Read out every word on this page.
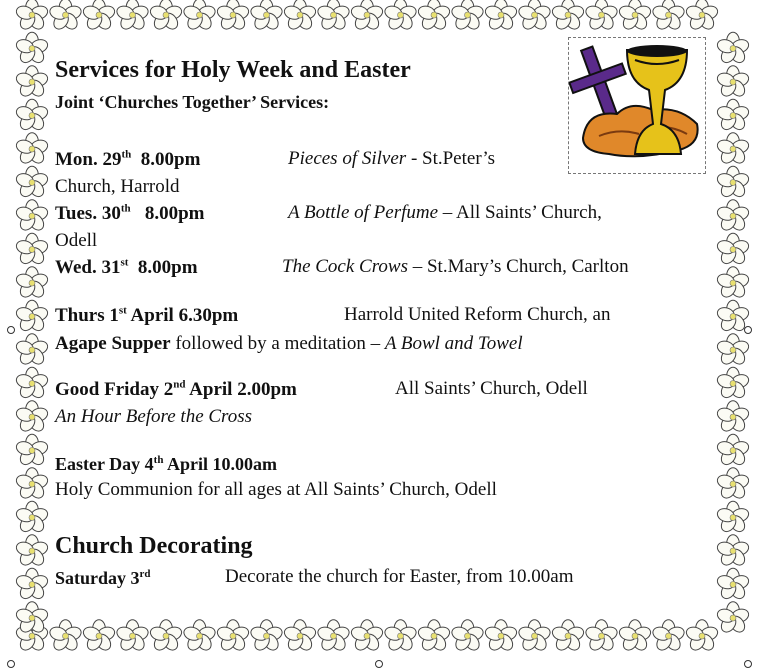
Services for Holy Week and Easter
Joint ‘Churches Together’ Services:
Mon. 29th 8.00pm	Pieces of Silver - St.Peter’s
Church, Harrold
Tues. 30th 8.00pm	A Bottle of Perfume – All Saints’ Church,
Odell
Wed. 31st 8.00pm	The Cock Crows – St.Mary’s Church, Carlton
Thurs 1st April 6.30pm	Harrold United Reform Church, an
Agape Supper followed by a meditation – A Bowl and Towel
Good Friday 2nd April 2.00pm	All Saints’ Church, Odell
An Hour Before the Cross
Easter Day 4th April 10.00am
Holy Communion for all ages at All Saints’ Church, Odell
Church Decorating
Saturday 3rd	Decorate the church for Easter, from 10.00am
